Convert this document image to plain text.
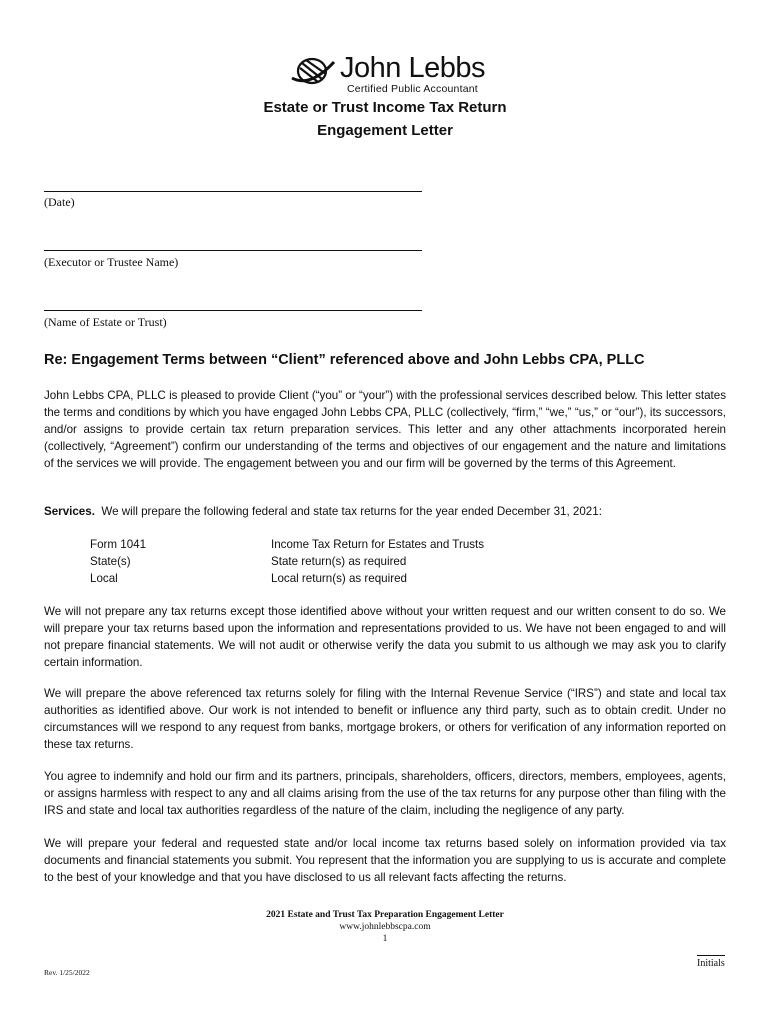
John Lebbs
Certified Public Accountant
Estate or Trust Income Tax Return
Engagement Letter
(Date)
(Executor or Trustee Name)
(Name of Estate or Trust)
Re: Engagement Terms between “Client” referenced above and John Lebbs CPA, PLLC
John Lebbs CPA, PLLC is pleased to provide Client (“you” or “your”) with the professional services described below. This letter states the terms and conditions by which you have engaged John Lebbs CPA, PLLC (collectively, “firm,” “we,” “us,” or “our”), its successors, and/or assigns to provide certain tax return preparation services. This letter and any other attachments incorporated herein (collectively, “Agreement”) confirm our understanding of the terms and objectives of our engagement and the nature and limitations of the services we will provide. The engagement between you and our firm will be governed by the terms of this Agreement.
Services. We will prepare the following federal and state tax returns for the year ended December 31, 2021:
Form 1041	Income Tax Return for Estates and Trusts
State(s)	State return(s) as required
Local	Local return(s) as required
We will not prepare any tax returns except those identified above without your written request and our written consent to do so. We will prepare your tax returns based upon the information and representations provided to us. We have not been engaged to and will not prepare financial statements. We will not audit or otherwise verify the data you submit to us although we may ask you to clarify certain information.
We will prepare the above referenced tax returns solely for filing with the Internal Revenue Service (“IRS”) and state and local tax authorities as identified above. Our work is not intended to benefit or influence any third party, such as to obtain credit. Under no circumstances will we respond to any request from banks, mortgage brokers, or others for verification of any information reported on these tax returns.
You agree to indemnify and hold our firm and its partners, principals, shareholders, officers, directors, members, employees, agents, or assigns harmless with respect to any and all claims arising from the use of the tax returns for any purpose other than filing with the IRS and state and local tax authorities regardless of the nature of the claim, including the negligence of any party.
We will prepare your federal and requested state and/or local income tax returns based solely on information provided via tax documents and financial statements you submit. You represent that the information you are supplying to us is accurate and complete to the best of your knowledge and that you have disclosed to us all relevant facts affecting the returns.
2021 Estate and Trust Tax Preparation Engagement Letter
www.johnlebbscpa.com
1
Rev. 1/25/2022
Initials
